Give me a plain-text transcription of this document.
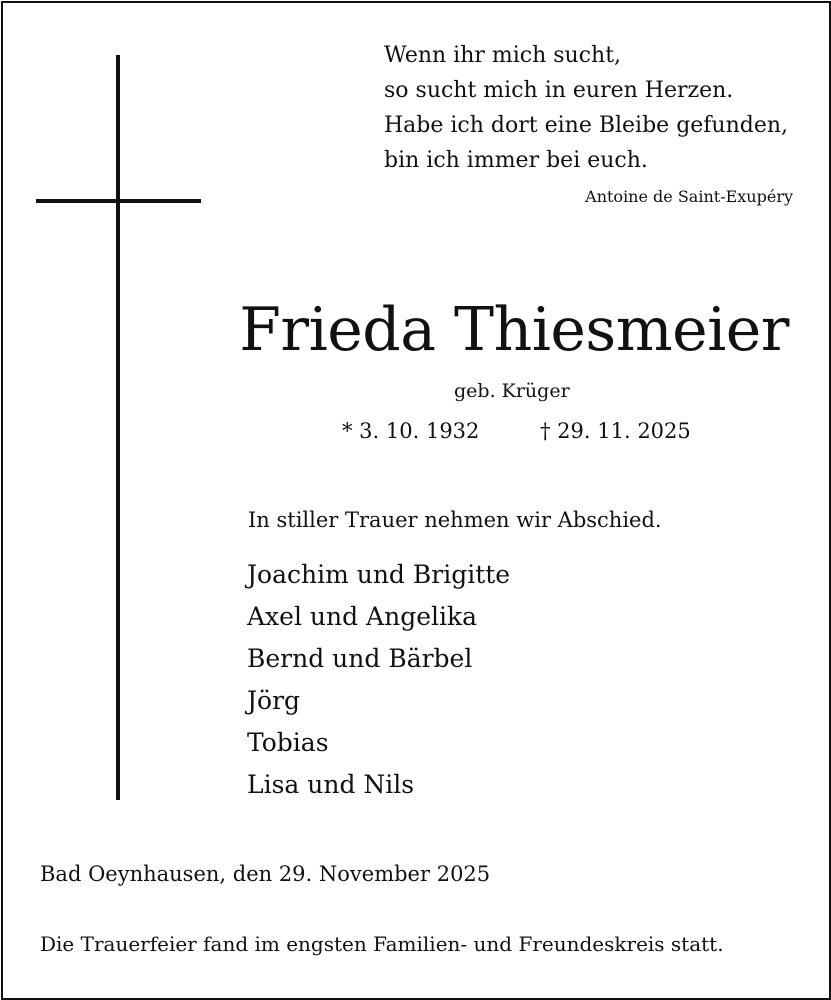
Wenn ihr mich sucht,
so sucht mich in euren Herzen.
Habe ich dort eine Bleibe gefunden,
bin ich immer bei euch.
Antoine de Saint-Exupéry
Frieda Thiesmeier
geb. Krüger
* 3. 10. 1932	† 29. 11. 2025
In stiller Trauer nehmen wir Abschied.
Joachim und Brigitte
Axel und Angelika
Bernd und Bärbel
Jörg
Tobias
Lisa und Nils
Bad Oeynhausen, den 29. November 2025
Die Trauerfeier fand im engsten Familien- und Freundeskreis statt.
